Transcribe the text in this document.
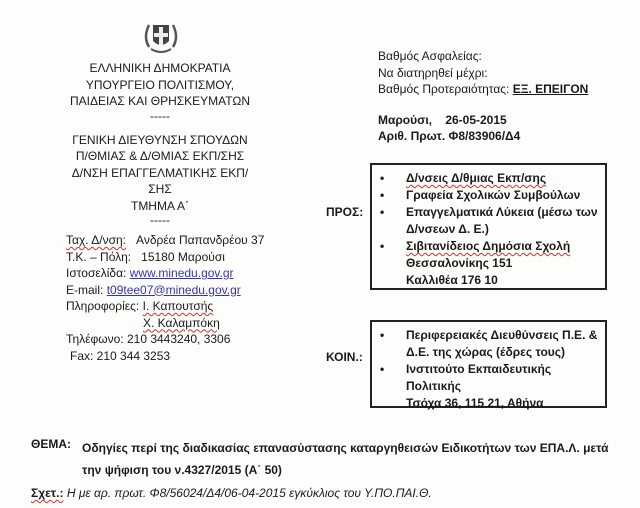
ΕΛΛΗΝΙΚΗ ΔΗΜΟΚΡΑΤΙΑ
ΥΠΟΥΡΓΕΙΟ ΠΟΛΙΤΙΣΜΟΥ,
ΠΑΙΔΕΙΑΣ ΚΑΙ ΘΡΗΣΚΕΥΜΑΤΩΝ
-----
ΓΕΝΙΚΗ ΔΙΕΥΘΥΝΣΗ ΣΠΟΥΔΩΝ
Π/ΘΜΙΑΣ & Δ/ΘΜΙΑΣ ΕΚΠ/ΣΗΣ
Δ/ΝΣΗ ΕΠΑΓΓΕΛΜΑΤΙΚΗΣ ΕΚΠ/ΣΗΣ
ΤΜΗΜΑ Α΄
-----
Ταχ. Δ/νση: Ανδρέα Παπανδρέου 37
Τ.Κ. – Πόλη: 15180 Μαρούσι
Ιστοσελίδα: www.minedu.gov.gr
E-mail: t09tee07@minedu.gov.gr
Πληροφορίες: Ι. Καπουτσής
Χ. Καλαμπόκη
Τηλέφωνο: 210 3443240, 3306
Fax: 210 344 3253
Βαθμός Ασφαλείας:
Να διατηρηθεί μέχρι:
Βαθμός Προτεραιότητας: ΕΞ. ΕΠΕΙΓΟΝ
Μαρούσι,    26-05-2015
Αριθ. Πρωτ. Φ8/83906/Δ4
ΠΡΟΣ:
• Δ/νσεις Δ/θμιας Εκπ/σης
• Γραφεία Σχολικών Συμβούλων
• Επαγγελματικά Λύκεια (μέσω των Δ/νσεων Δ. Ε.)
• Σιβιτανίδειος Δημόσια Σχολή
Θεσσαλονίκης 151
Καλλιθέα 176 10
ΚΟΙΝ.:
• Περιφερειακές Διευθύνσεις Π.Ε. & Δ.Ε. της χώρας (έδρες τους)
• Ινστιτούτο Εκπαιδευτικής Πολιτικής
Τσόχα 36, 115 21, Αθήνα
ΘΕΜΑ: Οδηγίες περί της διαδικασίας επανασύστασης καταργηθεισών Ειδικοτήτων των ΕΠΑ.Λ. μετά
την ψήφιση του ν.4327/2015 (Α΄ 50)
Σχετ.: Η με αρ. πρωτ. Φ8/56024/Δ4/06-04-2015 εγκύκλιος του Υ.ΠΟ.ΠΑΙ.Θ.
